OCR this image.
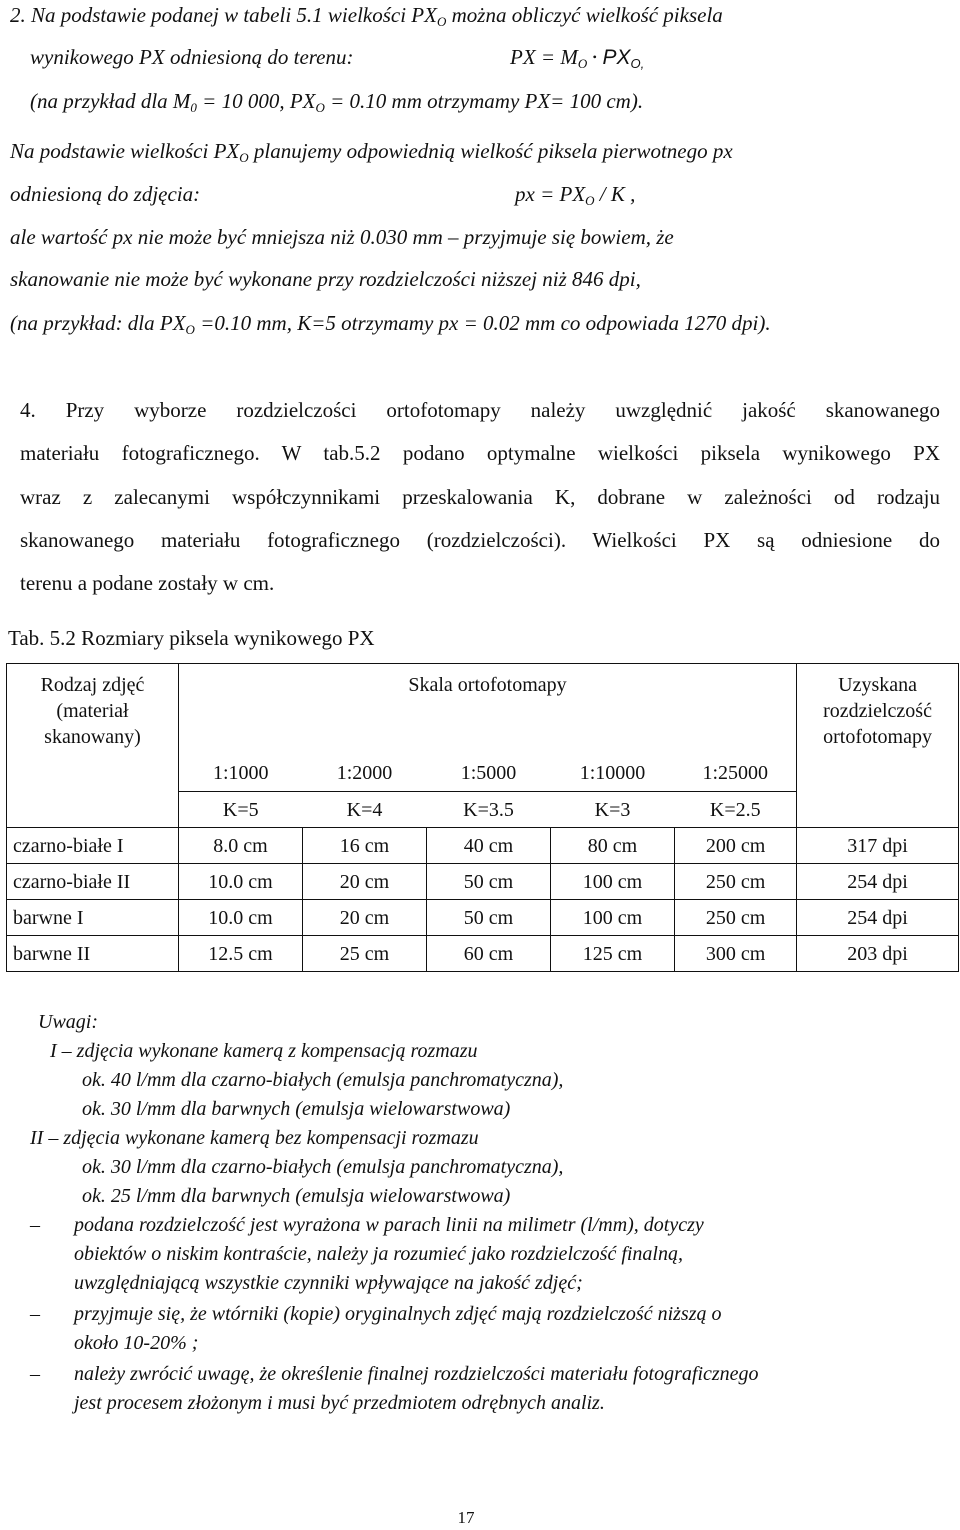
2. Na podstawie podanej w tabeli 5.1 wielkości $PX_O$ można obliczyć wielkość piksela
wynikowego PX odniesioną do terenu:	PX = $M_O$ • $PX_{O,}$
(na przykład dla $M_0 = 10$ 000, $PX_O = 0.10$ mm otrzymamy PX= 100 cm).
Na podstawie wielkości $PX_O$ planujemy odpowiednią wielkość piksela pierwotnego px
odniesioną do zdjęcia:	px = $PX_O$ / K ,
ale wartość px nie może być mniejsza niż 0.030 mm – przyjmuje się bowiem, że
skanowanie nie może być wykonane przy rozdzielczości niższej niż 846 dpi,
(na przykład: dla $PX_O =0.10$ mm, K=5 otrzymamy px = 0.02 mm co odpowiada 1270 dpi).
4. Przy wyborze rozdzielczości ortofotomapy należy uwzględnić jakość skanowanego
materiału fotograficznego. W tab.5.2 podano optymalne wielkości piksela wynikowego PX
wraz z zalecanymi współczynnikami przeskalowania K, dobrane w zależności od rodzaju
skanowanego materiału fotograficznego (rozdzielczości). Wielkości PX są odniesione do
terenu a podane zostały w cm.
Tab. 5.2 Rozmiary piksela wynikowego PX
Rodzaj zdjęć (materiał skanowany)	Skala ortofotomapy					Uzyskana rozdzielczość ortofotomapy
	1:1000	1:2000	1:5000	1:10000	1:25000	
	K=5	K=4	K=3.5	K=3	K=2.5	
czarno-białe I	8.0 cm	16 cm	40 cm	80 cm	200 cm	317 dpi
czarno-białe II	10.0 cm	20 cm	50 cm	100 cm	250 cm	254 dpi
barwne I	10.0 cm	20 cm	50 cm	100 cm	250 cm	254 dpi
barwne II	12.5 cm	25 cm	60 cm	125 cm	300 cm	203 dpi
Uwagi:
I – zdjęcia wykonane kamerą z kompensacją rozmazu
ok. 40 l/mm dla czarno-białych (emulsja panchromatyczna),
ok. 30 l/mm dla barwnych (emulsja wielowarstwowa)
II – zdjęcia wykonane kamerą bez kompensacji rozmazu
ok. 30 l/mm dla czarno-białych (emulsja panchromatyczna),
ok. 25 l/mm dla barwnych (emulsja wielowarstwowa)
– podana rozdzielczość jest wyrażona w parach linii na milimetr (l/mm), dotyczy
obiektów o niskim kontraście, należy ja rozumieć jako rozdzielczość finalną,
uwzględniającą wszystkie czynniki wpływające na jakość zdjęć;
– przyjmuje się, że wtórniki (kopie) oryginalnych zdjęć mają rozdzielczość niższą o
około 10-20% ;
– należy zwrócić uwagę, że określenie finalnej rozdzielczości materiału fotograficznego
jest procesem złożonym i musi być przedmiotem odrębnych analiz.
17
